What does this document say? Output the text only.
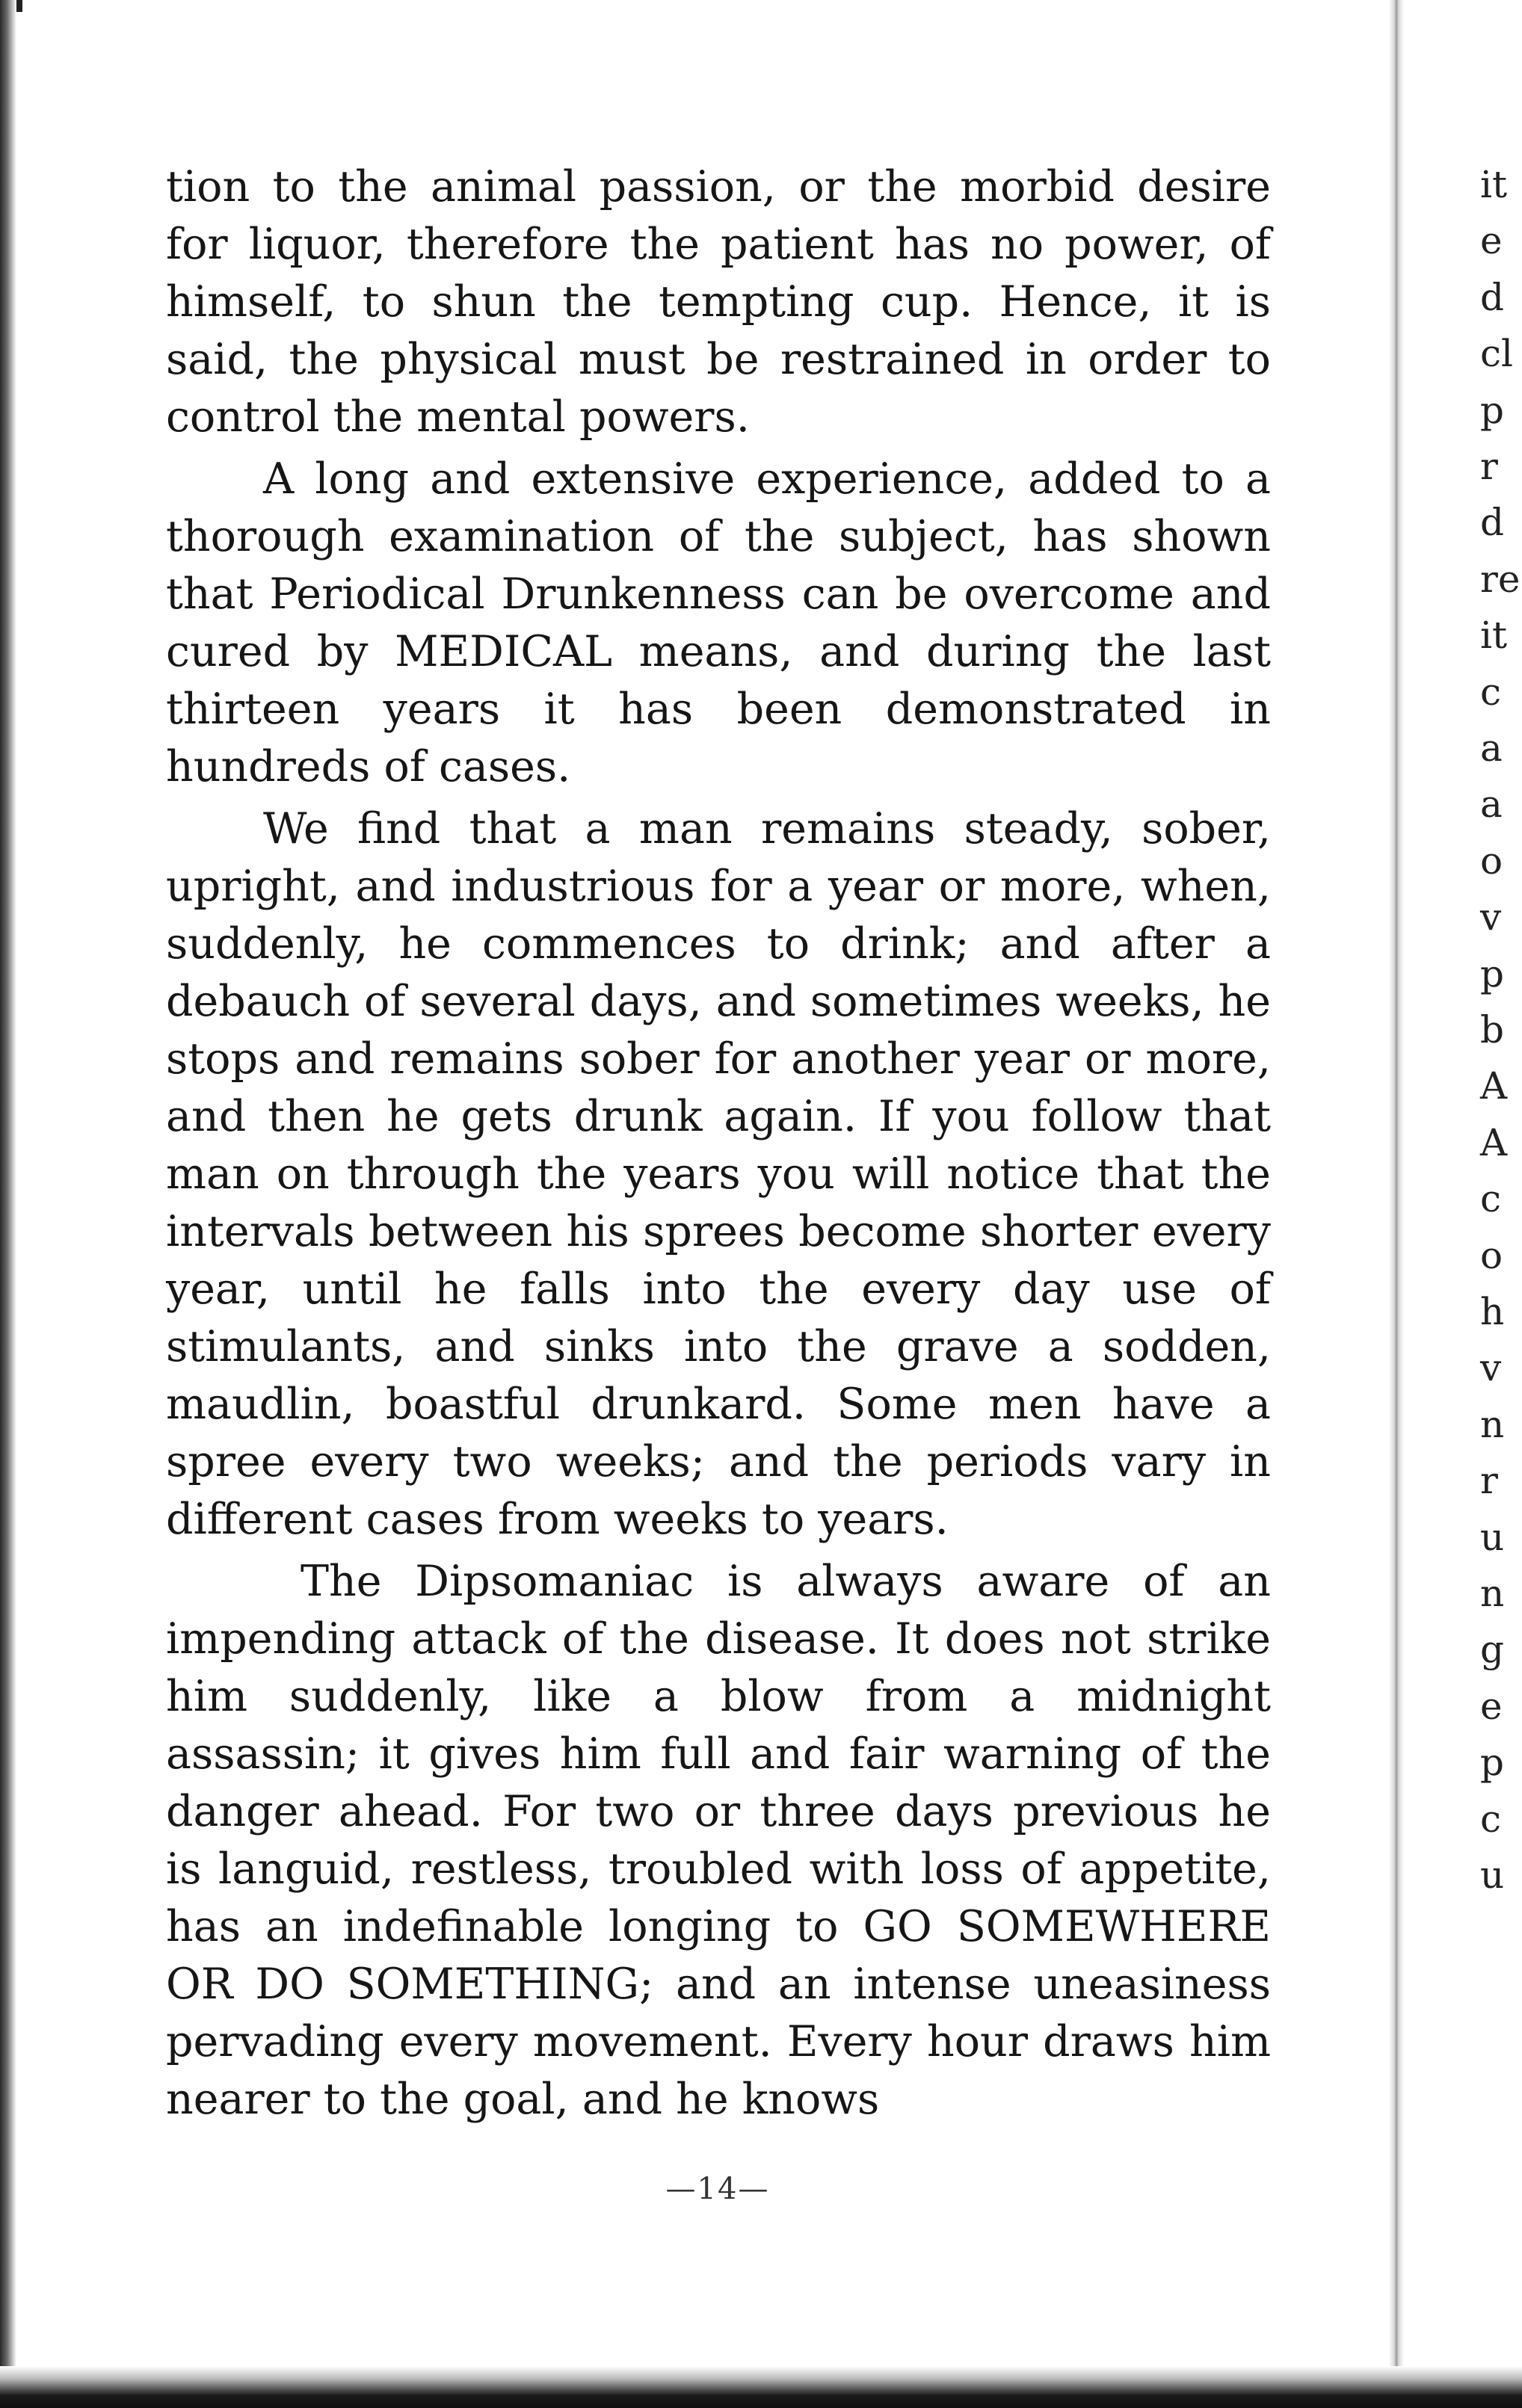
tion to the animal passion, or the morbid desire for liquor, therefore the patient has no power, of himself, to shun the tempting cup. Hence, it is said, the physical must be restrained in order to control the mental powers.

A long and extensive experience, added to a thorough examination of the subject, has shown that Periodical Drunkenness can be overcome and cured by MEDICAL means, and during the last thirteen years it has been demonstrated in hundreds of cases.

We find that a man remains steady, sober, upright, and industrious for a year or more, when, suddenly, he commences to drink; and after a debauch of several days, and sometimes weeks, he stops and remains sober for another year or more, and then he gets drunk again. If you follow that man on through the years you will notice that the intervals between his sprees become shorter every year, until he falls into the every day use of stimulants, and sinks into the grave a sodden, maudlin, boastful drunkard. Some men have a spree every two weeks; and the periods vary in different cases from weeks to years.

The Dipsomaniac is always aware of an impending attack of the disease. It does not strike him suddenly, like a blow from a midnight assassin; it gives him full and fair warning of the danger ahead. For two or three days previous he is languid, restless, troubled with loss of appetite, has an indefinable longing to GO SOMEWHERE OR DO SOMETHING; and an intense uneasiness pervading every movement. Every hour draws him nearer to the goal, and he knows

—14—
it
e
d
cl
p
r
d
re
it
c
a
a
o
v
p
b
A
A
c
o
h
v
n
r
u
n
g
e
p
c
u
